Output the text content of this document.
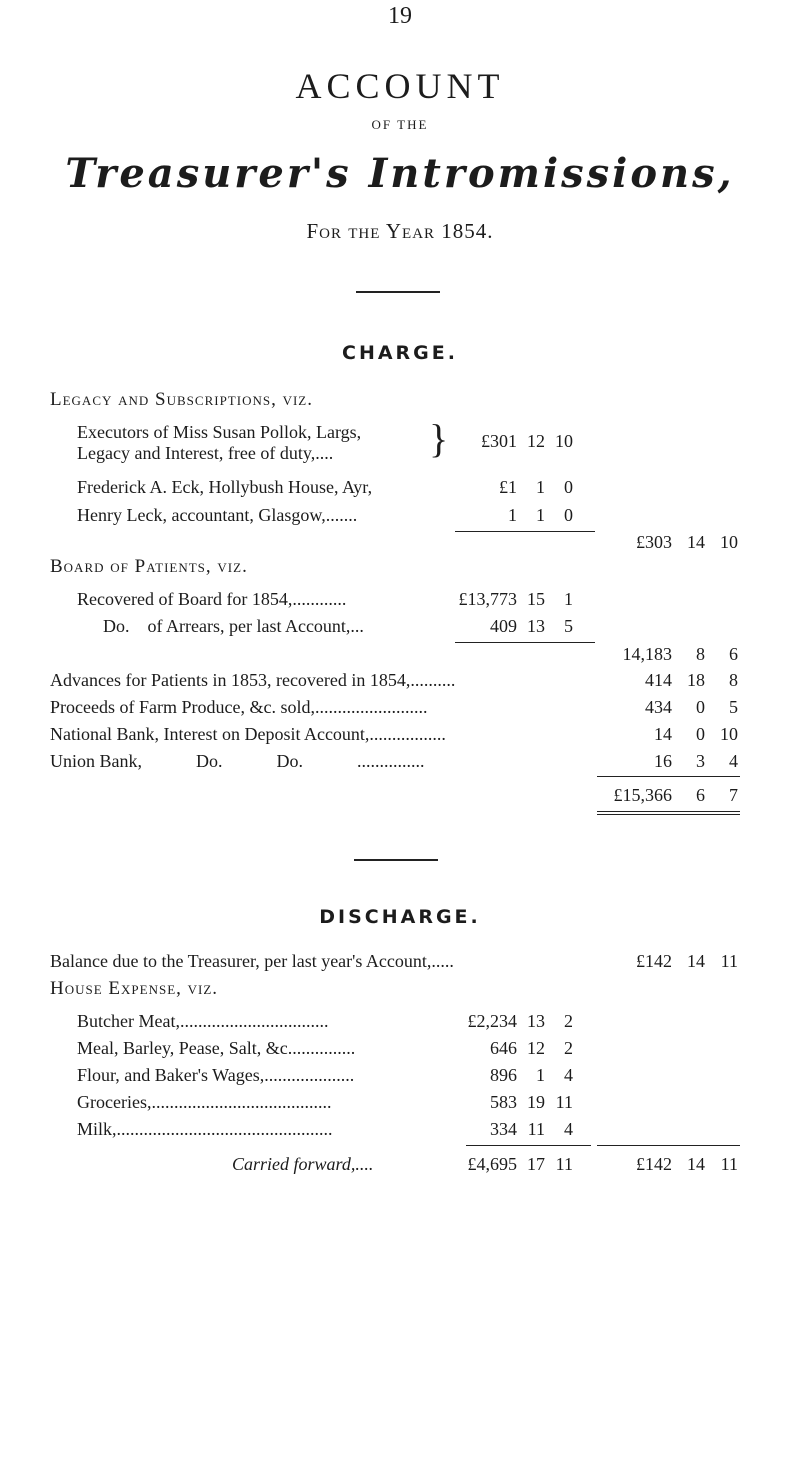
19
ACCOUNT
OF THE
Treasurer's Intromissions,
For the Year 1854.
CHARGE.
Legacy and Subscriptions, viz.
Executors of Miss Susan Pollok, Largs,
Legacy and Interest, free of duty,.... }	£301 12 10
Frederick A. Eck, Hollybush House, Ayr,	£1 1 0
Henry Leck, accountant, Glasgow,.......	1 1 0
£303 14 10
Board of Patients, viz.
Recovered of Board for 1854,............	£13,773 15 1
Do.    of Arrears, per last Account,...	409 13 5
14,183 8 6
Advances for Patients in 1853, recovered in 1854,..........	414 18 8
Proceeds of Farm Produce, &c. sold,.........................	434 0 5
National Bank, Interest on Deposit Account,.................	14 0 10
Union Bank,            Do.            Do.            ...............	16 3 4
£15,366 6 7
DISCHARGE.
Balance due to the Treasurer, per last year's Account,.....	£142 14 11
House Expense, viz.
Butcher Meat,.................................	£2,234 13 2
Meal, Barley, Pease, Salt, &c...............	646 12 2
Flour, and Baker's Wages,....................	896 1 4
Groceries,........................................	583 19 11
Milk,................................................	334 11 4
Carried forward,....	£4,695 17 11	£142 14 11
